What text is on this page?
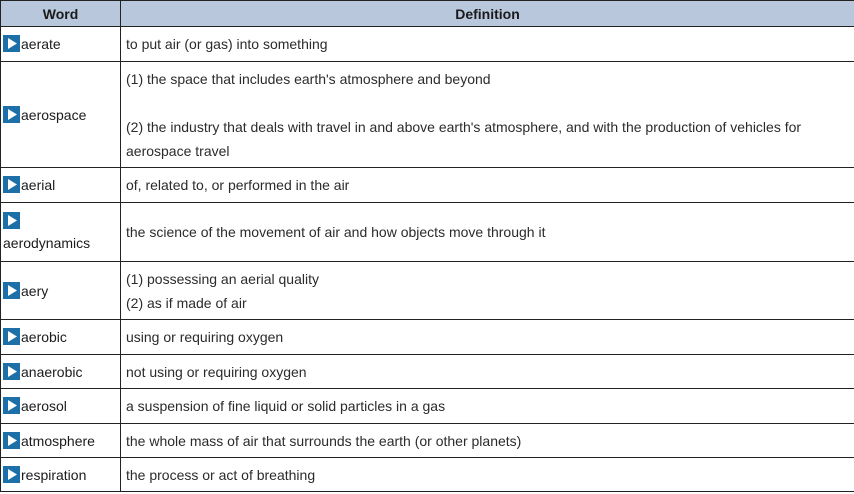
Word	Definition

aerate	to put air (or gas) into something

aerospace	(1) the space that includes earth's atmosphere and beyond

(2) the industry that deals with travel in and above earth's atmosphere, and with the production of vehicles for aerospace travel

aerial	of, related to, or performed in the air

aerodynamics	the science of the movement of air and how objects move through it

aery	(1) possessing an aerial quality

(2) as if made of air

aerobic	using or requiring oxygen

anaerobic	not using or requiring oxygen

aerosol	a suspension of fine liquid or solid particles in a gas

atmosphere	the whole mass of air that surrounds the earth (or other planets)

respiration	the process or act of breathing
